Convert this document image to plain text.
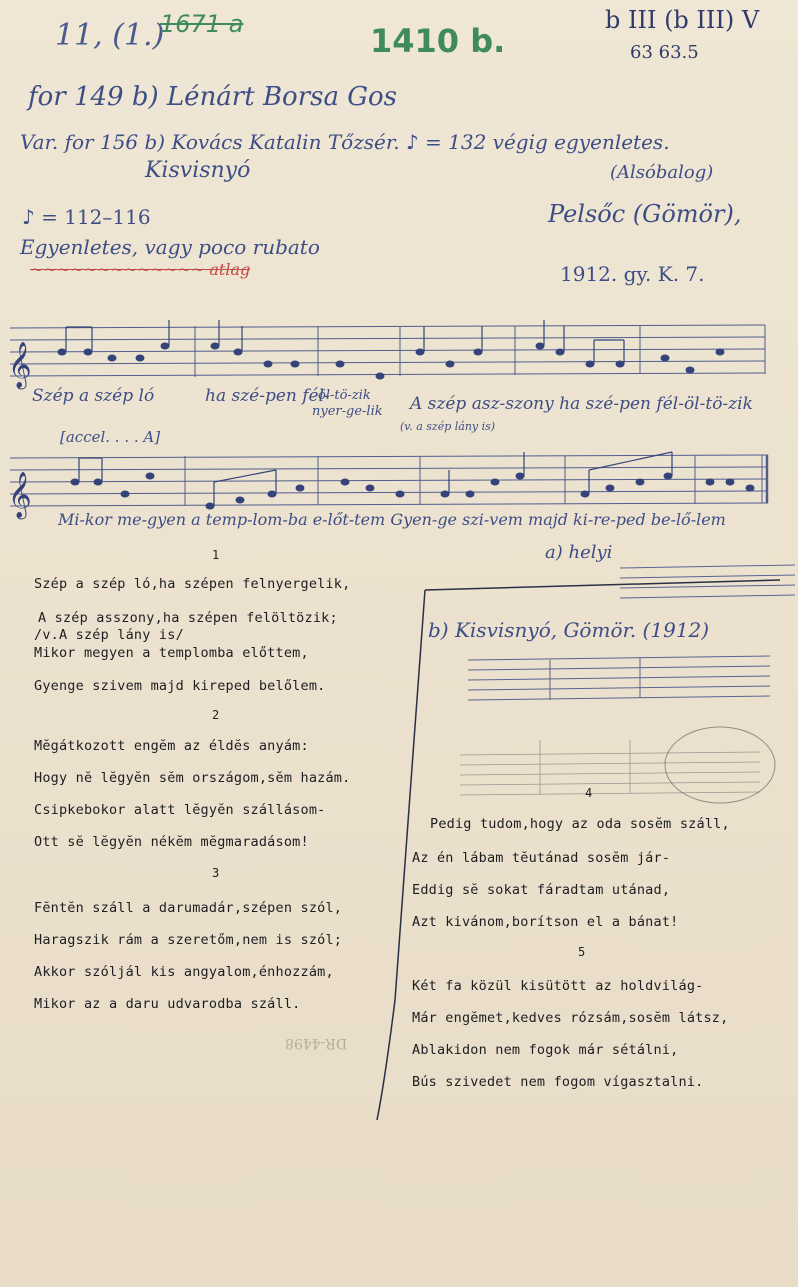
11, (1.)
1671 a	1410 b.
b III (b III) V
63 63.5
for 149 b) Lénárt Borsa Gos
Var. for 156 b) Kovács Katalin Tőzsér. ♪ = 132 végig egyenletes.
Kisvisnyó
♪ = 112–116
Egyenletes, vagy poco rubato
~~~~~~~~~~~~~ atlag
(Alsóbalog)
Pelsőc (Gömör),
1912. gy. K. 7.
𝄞
𝄞
Szép a szép ló	ha szé-pen fél-
öl-tö-zik
nyer-ge-lik A szép asz-szony ha szé-pen fél-öl-tö-zik
(v. a szép lány is)
[accel. . . . A]
Mi-kor me-gyen a temp-lom-ba e-lőt-tem Gyen-ge szi-vem majd ki-re-ped be-lő-lem
a) helyi
b) Kisvisnyó, Gömör. (1912)
1
Szép a szép ló,ha szépen felnyergelik,
A szép asszony,ha szépen felöltözik;
/v.A szép lány is/
Mikor megyen a templomba előttem,
Gyenge szivem majd kireped belőlem.
2
Mĕgátkozott engĕm az éldĕs anyám:
Hogy nĕ lĕgyĕn sĕm országom,sĕm hazám.
Csipkebokor alatt lĕgyĕn szállásom-
Ott sĕ lĕgyĕn nékĕm mĕgmaradásom!
3
Fĕntĕn száll a darumadár,szépen szól,
Haragszik rám a szeretőm,nem is szól;
Akkor szóljál kis angyalom,énhozzám,
Mikor az a daru udvarodba száll.
4
Pedig tudom,hogy az oda sosĕm száll,
Az én lábam tĕutánad sosĕm jár-
Eddig sĕ sokat fáradtam utánad,
Azt kivánom,borítson el a bánat!
5
Két fa közül kisütött az holdvilág-
Már engĕmet,kedves rózsám,sosĕm látsz,
Ablakidon nem fogok már sétálni,
Bús szivedet nem fogom vígasztalni.
DR-4498
